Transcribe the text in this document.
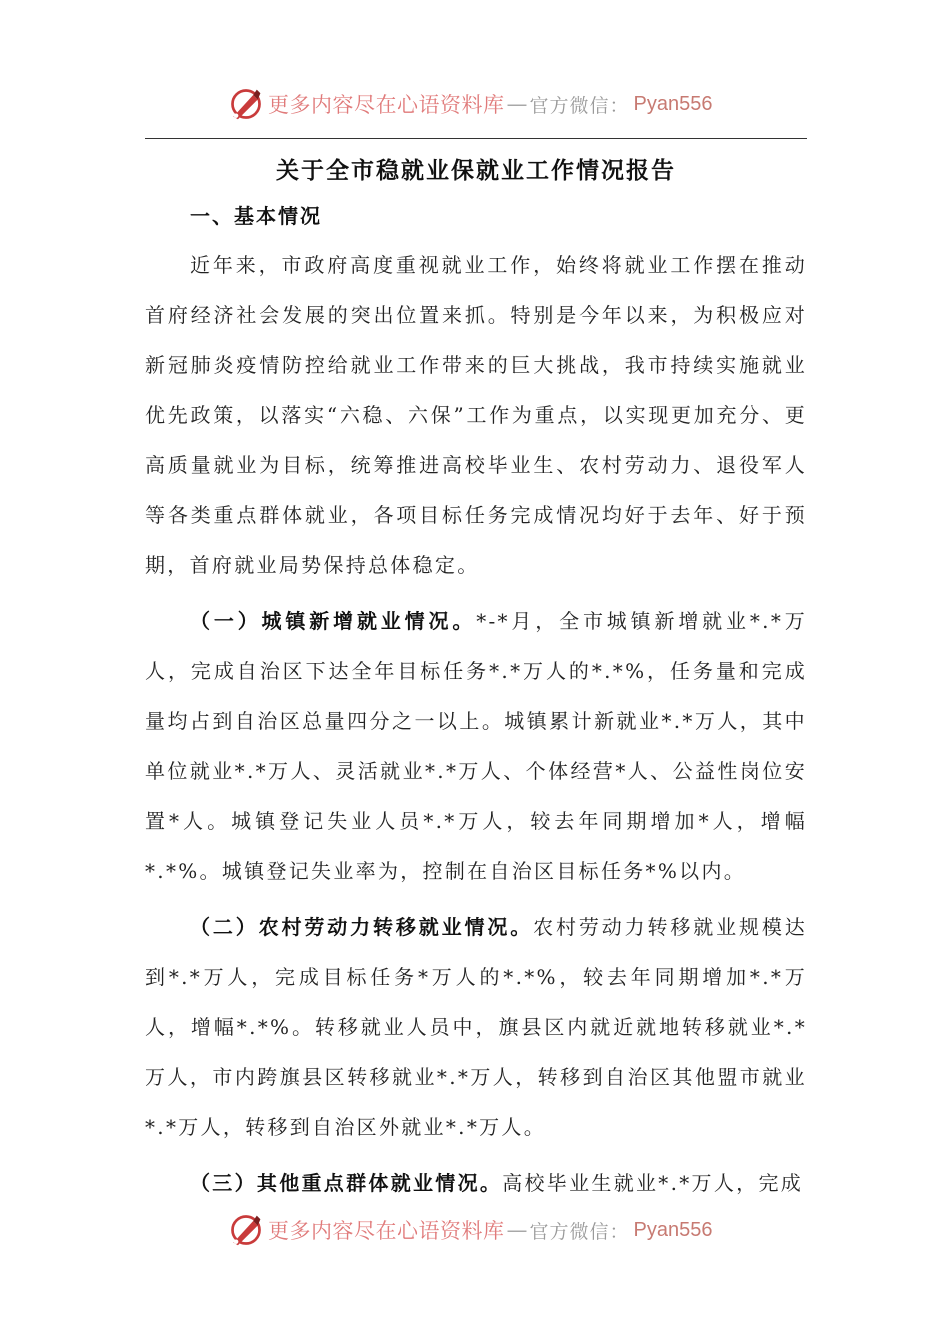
更多内容尽在心语资料库 — 官方微信： Pyan556
关于全市稳就业保就业工作情况报告
一、基本情况

近年来，市政府高度重视就业工作，始终将就业工作摆在推动首府经济社会发展的突出位置来抓。特别是今年以来，为积极应对新冠肺炎疫情防控给就业工作带来的巨大挑战，我市持续实施就业优先政策，以落实“六稳、六保”工作为重点，以实现更加充分、更高质量就业为目标，统筹推进高校毕业生、农村劳动力、退役军人等各类重点群体就业，各项目标任务完成情况均好于去年、好于预期，首府就业局势保持总体稳定。

（一）城镇新增就业情况。*-*月，全市城镇新增就业*.*万人，完成自治区下达全年目标任务*.*万人的*.*%，任务量和完成量均占到自治区总量四分之一以上。城镇累计新就业*.*万人，其中单位就业*.*万人、灵活就业*.*万人、个体经营*人、公益性岗位安置*人。城镇登记失业人员*.*万人，较去年同期增加*人，增幅*.*%。城镇登记失业率为，控制在自治区目标任务*%以内。

（二）农村劳动力转移就业情况。农村劳动力转移就业规模达到*.*万人，完成目标任务*万人的*.*%，较去年同期增加*.*万人，增幅*.*%。转移就业人员中，旗县区内就近就地转移就业*.*万人，市内跨旗县区转移就业*.*万人，转移到自治区其他盟市就业*.*万人，转移到自治区外就业*.*万人。

（三）其他重点群体就业情况。高校毕业生就业*.*万人，完成

更多内容尽在心语资料库 — 官方微信： Pyan556
